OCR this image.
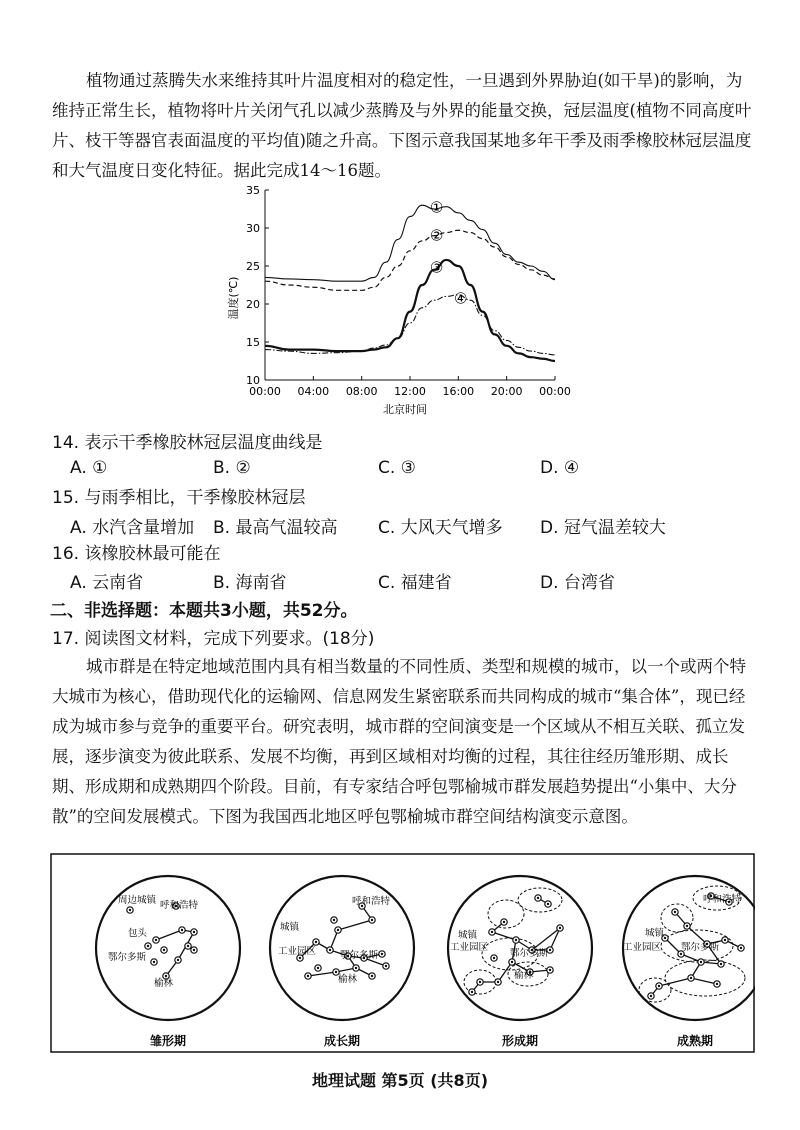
植物通过蒸腾失水来维持其叶片温度相对的稳定性，一旦遇到外界胁迫(如干旱)的影响，为维持正常生长，植物将叶片关闭气孔以减少蒸腾及与外界的能量交换，冠层温度(植物不同高度叶片、枝干等器官表面温度的平均值)随之升高。下图示意我国某地多年干季及雨季橡胶林冠层温度和大气温度日变化特征。据此完成14～16题。

10
15
20
25
30
35
00:00 04:00 08:00 12:00 16:00 20:00 00:00
①
②
③
④
温度(℃)
北京时间

14. 表示干季橡胶林冠层温度曲线是

A. ①	B. ②	C. ③	D. ④

15. 与雨季相比，干季橡胶林冠层

A. 水汽含量增加 B. 最高气温较高 C. 大风天气增多 D. 冠气温差较大

16. 该橡胶林最可能在

A. 云南省	B. 海南省	C. 福建省	D. 台湾省

二、非选择题：本题共3小题，共52分。

17. 阅读图文材料，完成下列要求。(18分)

城市群是在特定地域范围内具有相当数量的不同性质、类型和规模的城市，以一个或两个特大城市为核心，借助现代化的运输网、信息网发生紧密联系而共同构成的城市“集合体”，现已经成为城市参与竞争的重要平台。研究表明，城市群的空间演变是一个区域从不相互关联、孤立发展，逐步演变为彼此联系、发展不均衡，再到区域相对均衡的过程，其往往经历雏形期、成长期、形成期和成熟期四个阶段。目前，有专家结合呼包鄂榆城市群发展趋势提出“小集中、大分散”的空间发展模式。下图为我国西北地区呼包鄂榆城市群空间结构演变示意图。

周边城镇 呼和浩特
包头
鄂尔多斯
榆林
雏形期
呼和浩特
城镇
工业园区	鄂尔多斯
榆林
成长期
城镇
工业园区
鄂尔多斯
榆林
形成期
呼和浩特
城镇
工业园区 鄂尔多斯
成熟期
地理试题 第5页 (共8页)
